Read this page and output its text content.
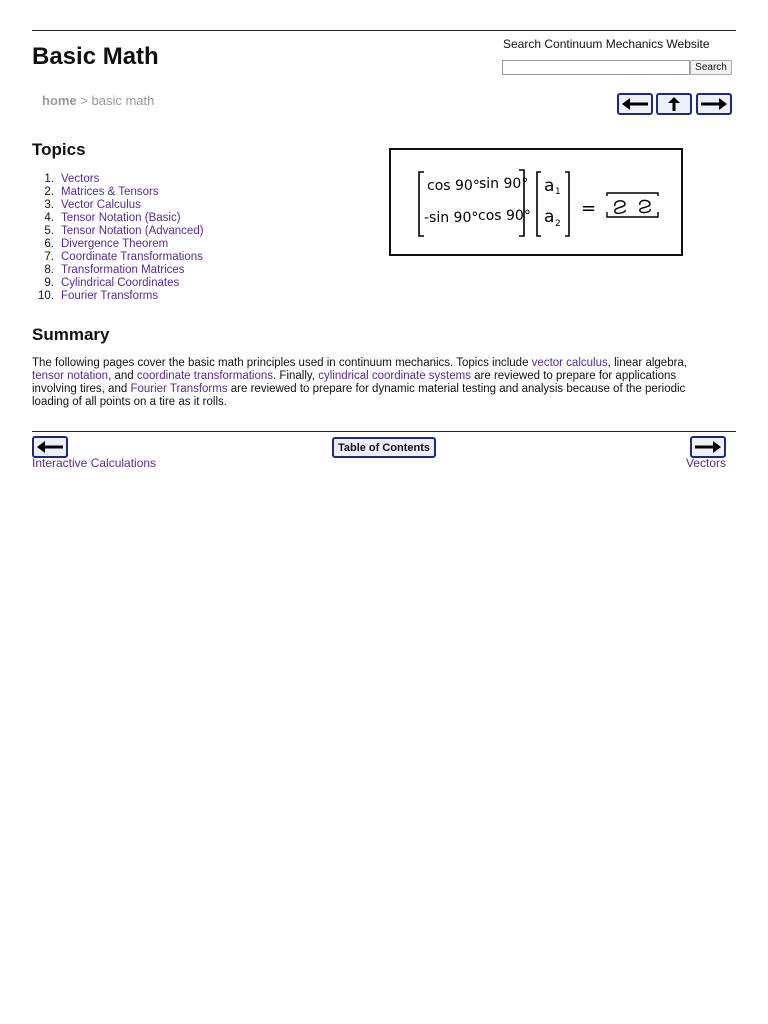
Basic Math	Search Continuum Mechanics Website
Search
home > basic math
Topics
1. Vectors
2. Matrices & Tensors
3. Vector Calculus
4. Tensor Notation (Basic)
5. Tensor Notation (Advanced)
6. Divergence Theorem
7. Coordinate Transformations
8. Transformation Matrices
9. Cylindrical Coordinates
10. Fourier Transforms
cos 90° sin 90°
-sin 90° cos 90°
a 1
a 2
=
Summary

The following pages cover the basic math principles used in continuum mechanics. Topics include vector calculus, linear algebra, tensor notation, and coordinate transformations. Finally, cylindrical coordinate systems are reviewed to prepare for applications involving tires, and Fourier Transforms are reviewed to prepare for dynamic material testing and analysis because of the periodic loading of all points on a tire as it rolls.

Table of Contents
Interactive Calculations	Vectors
